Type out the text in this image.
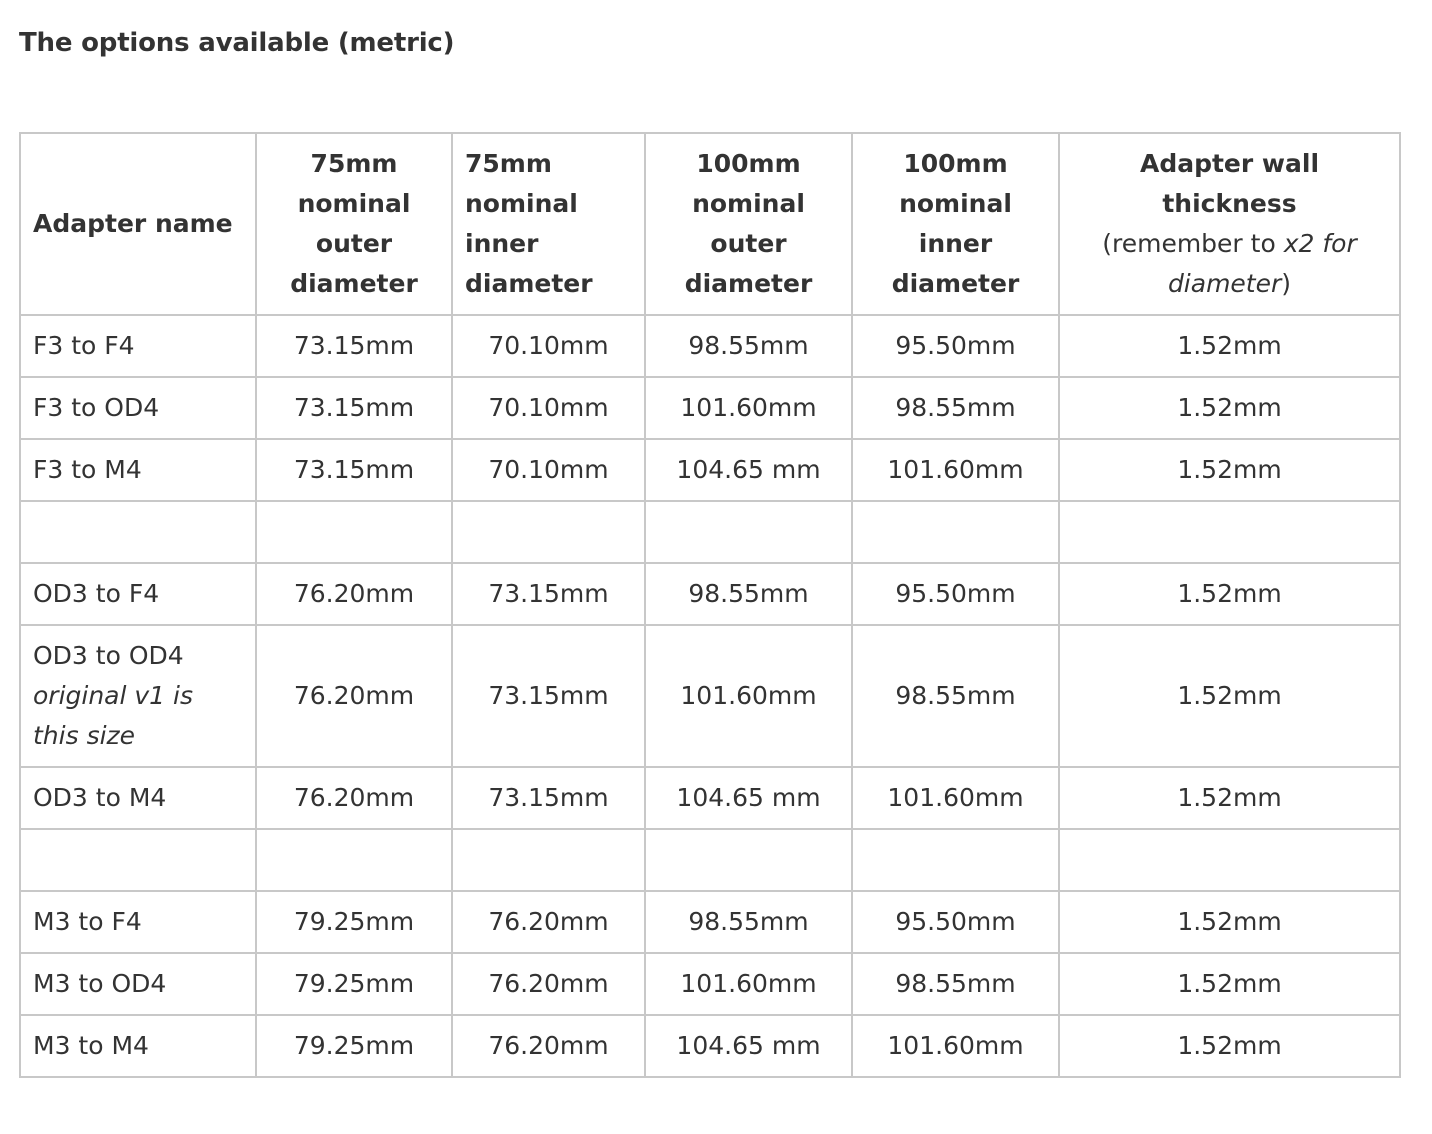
The options available (metric)
Adapter name	75mm
nominal
outer
diameter	75mm
nominal
inner
diameter	100mm
nominal
outer
diameter	100mm
nominal
inner
diameter	Adapter wall thickness
(remember to x2 for diameter)

F3 to F4	73.15mm	70.10mm	98.55mm	95.50mm	1.52mm

F3 to OD4	73.15mm	70.10mm	101.60mm	98.55mm	1.52mm

F3 to M4	73.15mm	70.10mm	104.65 mm	101.60mm	1.52mm

OD3 to F4	76.20mm	73.15mm	98.55mm	95.50mm	1.52mm

OD3 to OD4
original v1 is this size	76.20mm	73.15mm	101.60mm	98.55mm	1.52mm

OD3 to M4	76.20mm	73.15mm	104.65 mm	101.60mm	1.52mm

M3 to F4	79.25mm	76.20mm	98.55mm	95.50mm	1.52mm

M3 to OD4	79.25mm	76.20mm	101.60mm	98.55mm	1.52mm

M3 to M4	79.25mm	76.20mm	104.65 mm	101.60mm	1.52mm
